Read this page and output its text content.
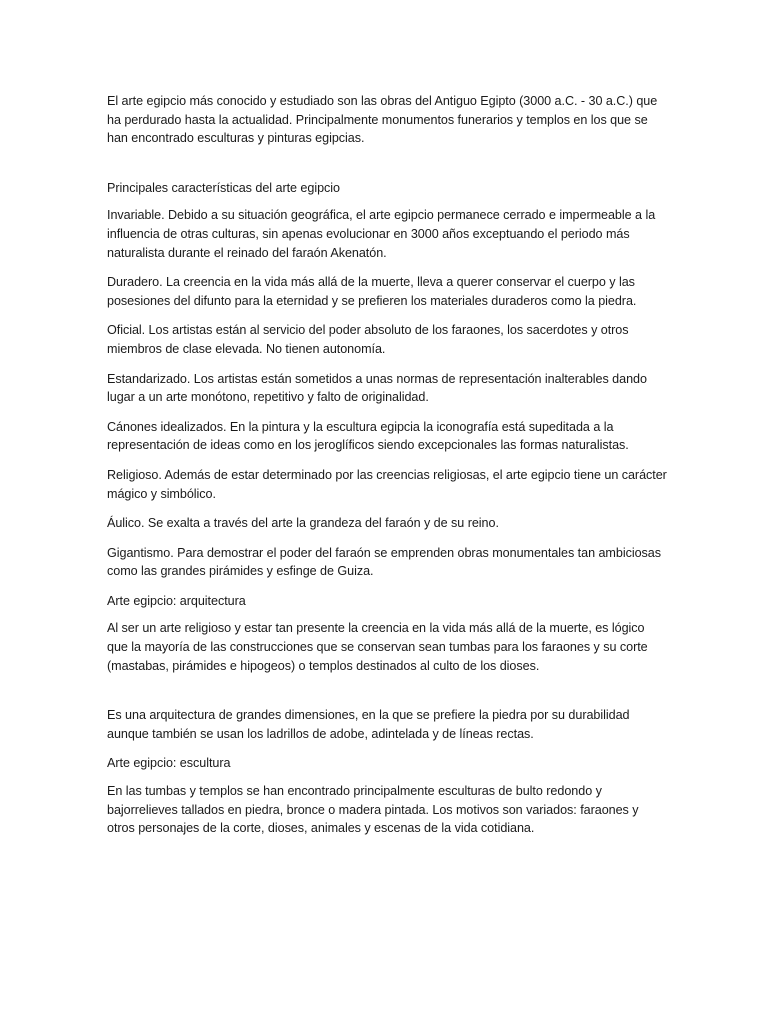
El arte egipcio más conocido y estudiado son las obras del Antiguo Egipto (3000 a.C. - 30 a.C.) que ha perdurado hasta la actualidad. Principalmente monumentos funerarios y templos en los que se han encontrado esculturas y pinturas egipcias.

Principales características del arte egipcio

Invariable. Debido a su situación geográfica, el arte egipcio permanece cerrado e impermeable a la influencia de otras culturas, sin apenas evolucionar en 3000 años exceptuando el periodo más naturalista durante el reinado del faraón Akenatón.

Duradero. La creencia en la vida más allá de la muerte, lleva a querer conservar el cuerpo y las posesiones del difunto para la eternidad y se prefieren los materiales duraderos como la piedra.

Oficial. Los artistas están al servicio del poder absoluto de los faraones, los sacerdotes y otros miembros de clase elevada. No tienen autonomía.

Estandarizado. Los artistas están sometidos a unas normas de representación inalterables dando lugar a un arte monótono, repetitivo y falto de originalidad.

Cánones idealizados. En la pintura y la escultura egipcia la iconografía está supeditada a la representación de ideas como en los jeroglíficos siendo excepcionales las formas naturalistas.

Religioso. Además de estar determinado por las creencias religiosas, el arte egipcio tiene un carácter mágico y simbólico.

Áulico. Se exalta a través del arte la grandeza del faraón y de su reino.

Gigantismo. Para demostrar el poder del faraón se emprenden obras monumentales tan ambiciosas como las grandes pirámides y esfinge de Guiza.

Arte egipcio: arquitectura

Al ser un arte religioso y estar tan presente la creencia en la vida más allá de la muerte, es lógico que la mayoría de las construcciones que se conservan sean tumbas para los faraones y su corte (mastabas, pirámides e hipogeos) o templos destinados al culto de los dioses.

Es una arquitectura de grandes dimensiones, en la que se prefiere la piedra por su durabilidad aunque también se usan los ladrillos de adobe, adintelada y de líneas rectas.

Arte egipcio: escultura

En las tumbas y templos se han encontrado principalmente esculturas de bulto redondo y bajorrelieves tallados en piedra, bronce o madera pintada. Los motivos son variados: faraones y otros personajes de la corte, dioses, animales y escenas de la vida cotidiana.
